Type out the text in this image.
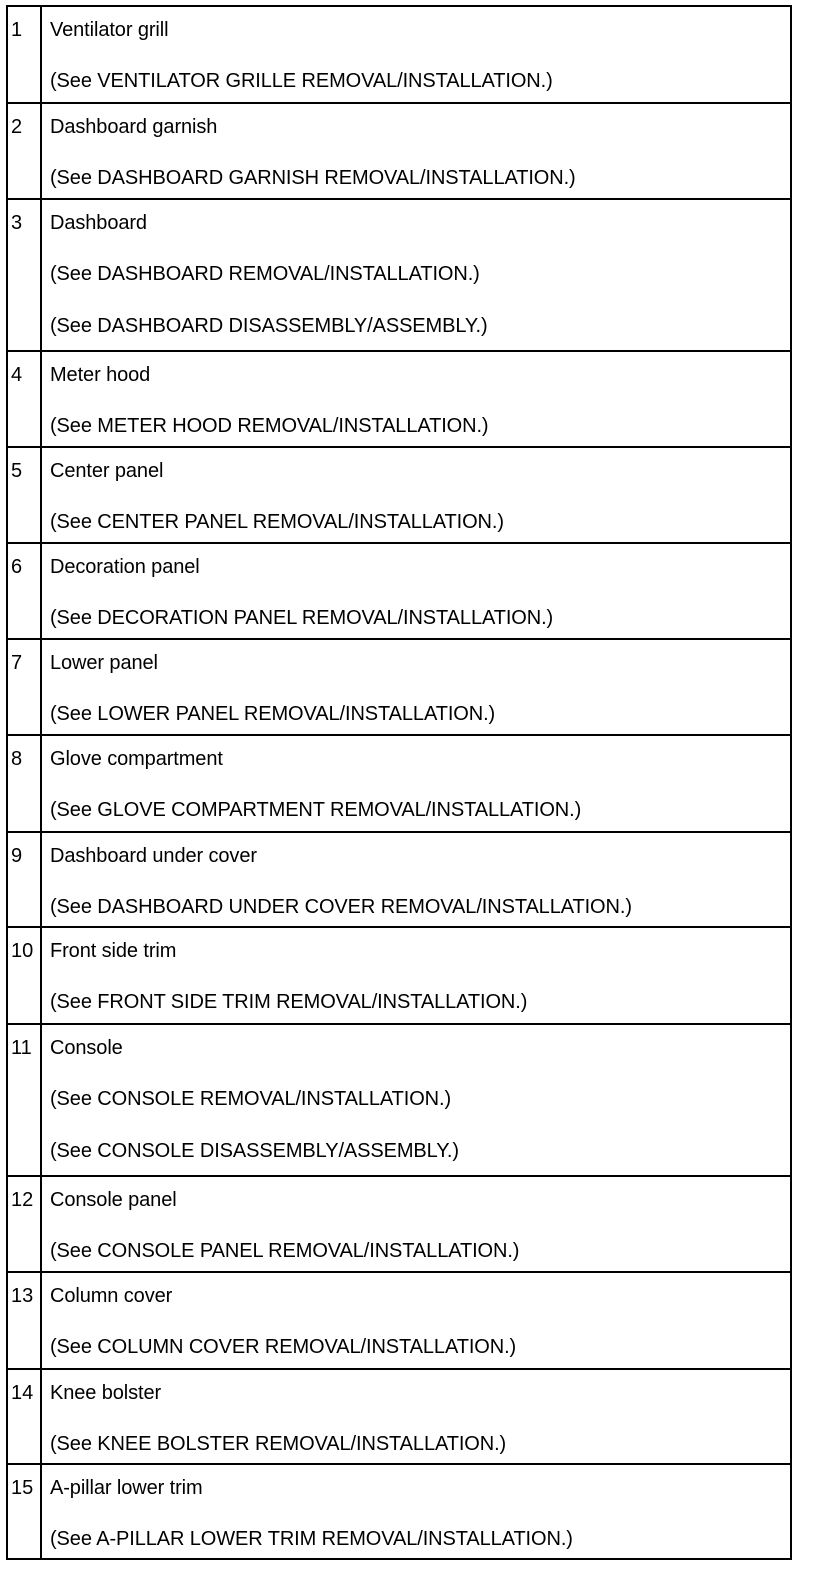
1 Ventilator grill
(See VENTILATOR GRILLE REMOVAL/INSTALLATION.)
2 Dashboard garnish
(See DASHBOARD GARNISH REMOVAL/INSTALLATION.)
3 Dashboard
(See DASHBOARD REMOVAL/INSTALLATION.)
(See DASHBOARD DISASSEMBLY/ASSEMBLY.)
4 Meter hood
(See METER HOOD REMOVAL/INSTALLATION.)
5 Center panel
(See CENTER PANEL REMOVAL/INSTALLATION.)
6 Decoration panel
(See DECORATION PANEL REMOVAL/INSTALLATION.)
7 Lower panel
(See LOWER PANEL REMOVAL/INSTALLATION.)
8 Glove compartment
(See GLOVE COMPARTMENT REMOVAL/INSTALLATION.)
9 Dashboard under cover
(See DASHBOARD UNDER COVER REMOVAL/INSTALLATION.)
10 Front side trim
(See FRONT SIDE TRIM REMOVAL/INSTALLATION.)
11 Console
(See CONSOLE REMOVAL/INSTALLATION.)
(See CONSOLE DISASSEMBLY/ASSEMBLY.)
12 Console panel
(See CONSOLE PANEL REMOVAL/INSTALLATION.)
13 Column cover
(See COLUMN COVER REMOVAL/INSTALLATION.)
14 Knee bolster
(See KNEE BOLSTER REMOVAL/INSTALLATION.)
15 A-pillar lower trim
(See A-PILLAR LOWER TRIM REMOVAL/INSTALLATION.)
